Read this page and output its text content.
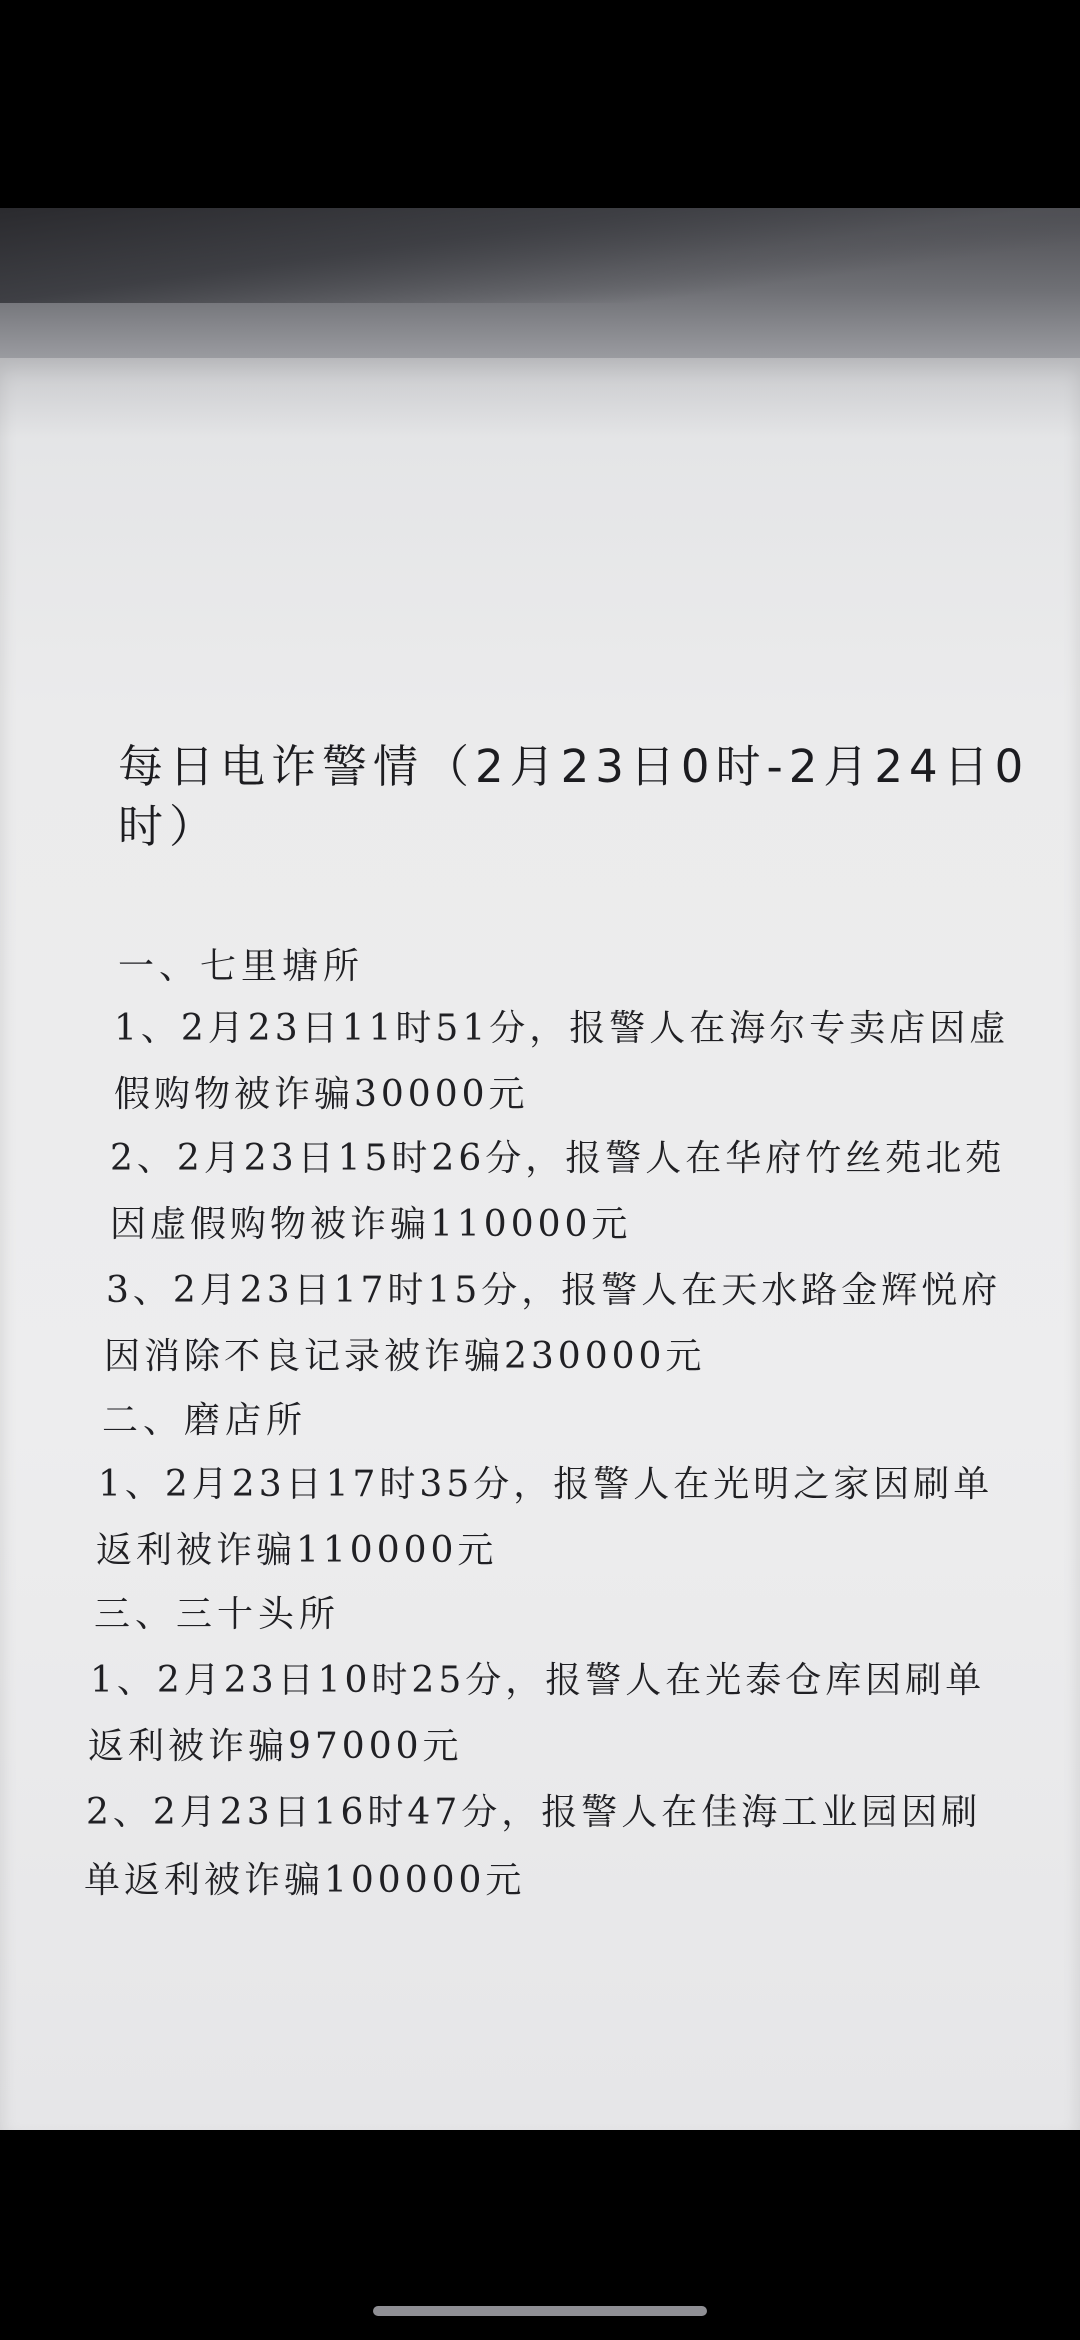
每日电诈警情（2月23日0时-2月24日0
时）
一、七里塘所
1、2月23日11时51分，报警人在海尔专卖店因虚
假购物被诈骗30000元
2、2月23日15时26分，报警人在华府竹丝苑北苑
因虚假购物被诈骗110000元
3、2月23日17时15分，报警人在天水路金辉悦府
因消除不良记录被诈骗230000元
二、磨店所
1、2月23日17时35分，报警人在光明之家因刷单
返利被诈骗110000元
三、三十头所
1、2月23日10时25分，报警人在光泰仓库因刷单
返利被诈骗97000元
2、2月23日16时47分，报警人在佳海工业园因刷
单返利被诈骗100000元
